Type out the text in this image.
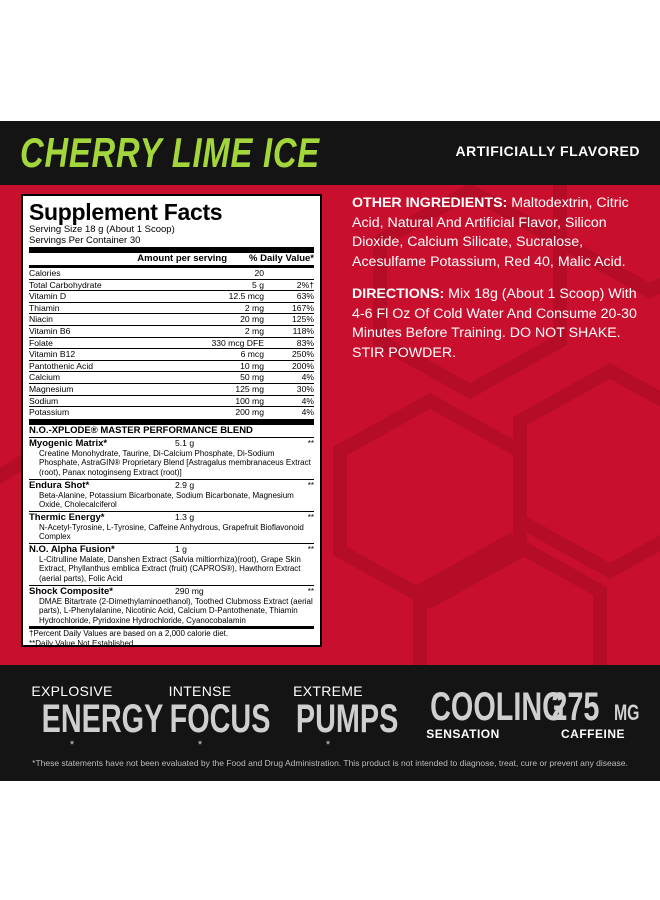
CHERRY LIME ICE	ARTIFICIALLY FLAVORED
Supplement Facts
Serving Size 18 g (About 1 Scoop)
Servings Per Container 30
Amount per serving % Daily Value*
Calories	20
Total Carbohydrate	5 g	2%†
Vitamin D	12.5 mcg	63%
Thiamin	2 mg	167%
Niacin	20 mg	125%
Vitamin B6	2 mg	118%
Folate	330 mcg DFE	83%
Vitamin B12	6 mcg	250%
Pantothenic Acid	10 mg	200%
Calcium	50 mg	4%
Magnesium	125 mg	30%
Sodium	100 mg	4%
Potassium	200 mg	4%
N.O.-XPLODE® MASTER PERFORMANCE BLEND
Myogenic Matrix*	5.1 g	**
Creatine Monohydrate, Taurine, Di-Calcium Phosphate, Di-Sodium Phosphate, AstraGIN® Proprietary Blend [Astragalus membranaceus Extract (root), Panax notoginseng Extract (root)]
Endura Shot*	2.9 g	**
Beta-Alanine, Potassium Bicarbonate, Sodium Bicarbonate, Magnesium Oxide, Cholecalciferol
Thermic Energy*	1.3 g	**
N-Acetyl-Tyrosine, L-Tyrosine, Caffeine Anhydrous, Grapefruit Bioflavonoid Complex
N.O. Alpha Fusion*	1 g	**
L-Citrulline Malate, Danshen Extract (Salvia miltiorrhiza)(root), Grape Skin Extract, Phyllanthus emblica Extract (fruit) (CAPROS®), Hawthorn Extract (aerial parts), Folic Acid
Shock Composite*	290 mg	**
DMAE Bitartrate (2-Dimethylaminoethanol), Toothed Clubmoss Extract (aerial parts), L-Phenylalanine, Nicotinic Acid, Calcium D-Pantothenate, Thiamin Hydrochloride, Pyridoxine Hydrochloride, Cyanocobalamin
†Percent Daily Values are based on a 2,000 calorie diet.
**Daily Value Not Established.

OTHER INGREDIENTS: Maltodextrin, Citric Acid, Natural And Artificial Flavor, Silicon Dioxide, Calcium Silicate, Sucralose, Acesulfame Potassium, Red 40, Malic Acid.

DIRECTIONS: Mix 18g (About 1 Scoop) With 4-6 Fl Oz Of Cold Water And Consume 20-30 Minutes Before Training. DO NOT SHAKE. STIR POWDER.

EXPLOSIVE
ENERGY*
INTENSE
FOCUS*
EXTREME
PUMPS*
COOLING
SENSATION
275 MG
CAFFEINE
*These statements have not been evaluated by the Food and Drug Administration. This product is not intended to diagnose, treat, cure or prevent any disease.
